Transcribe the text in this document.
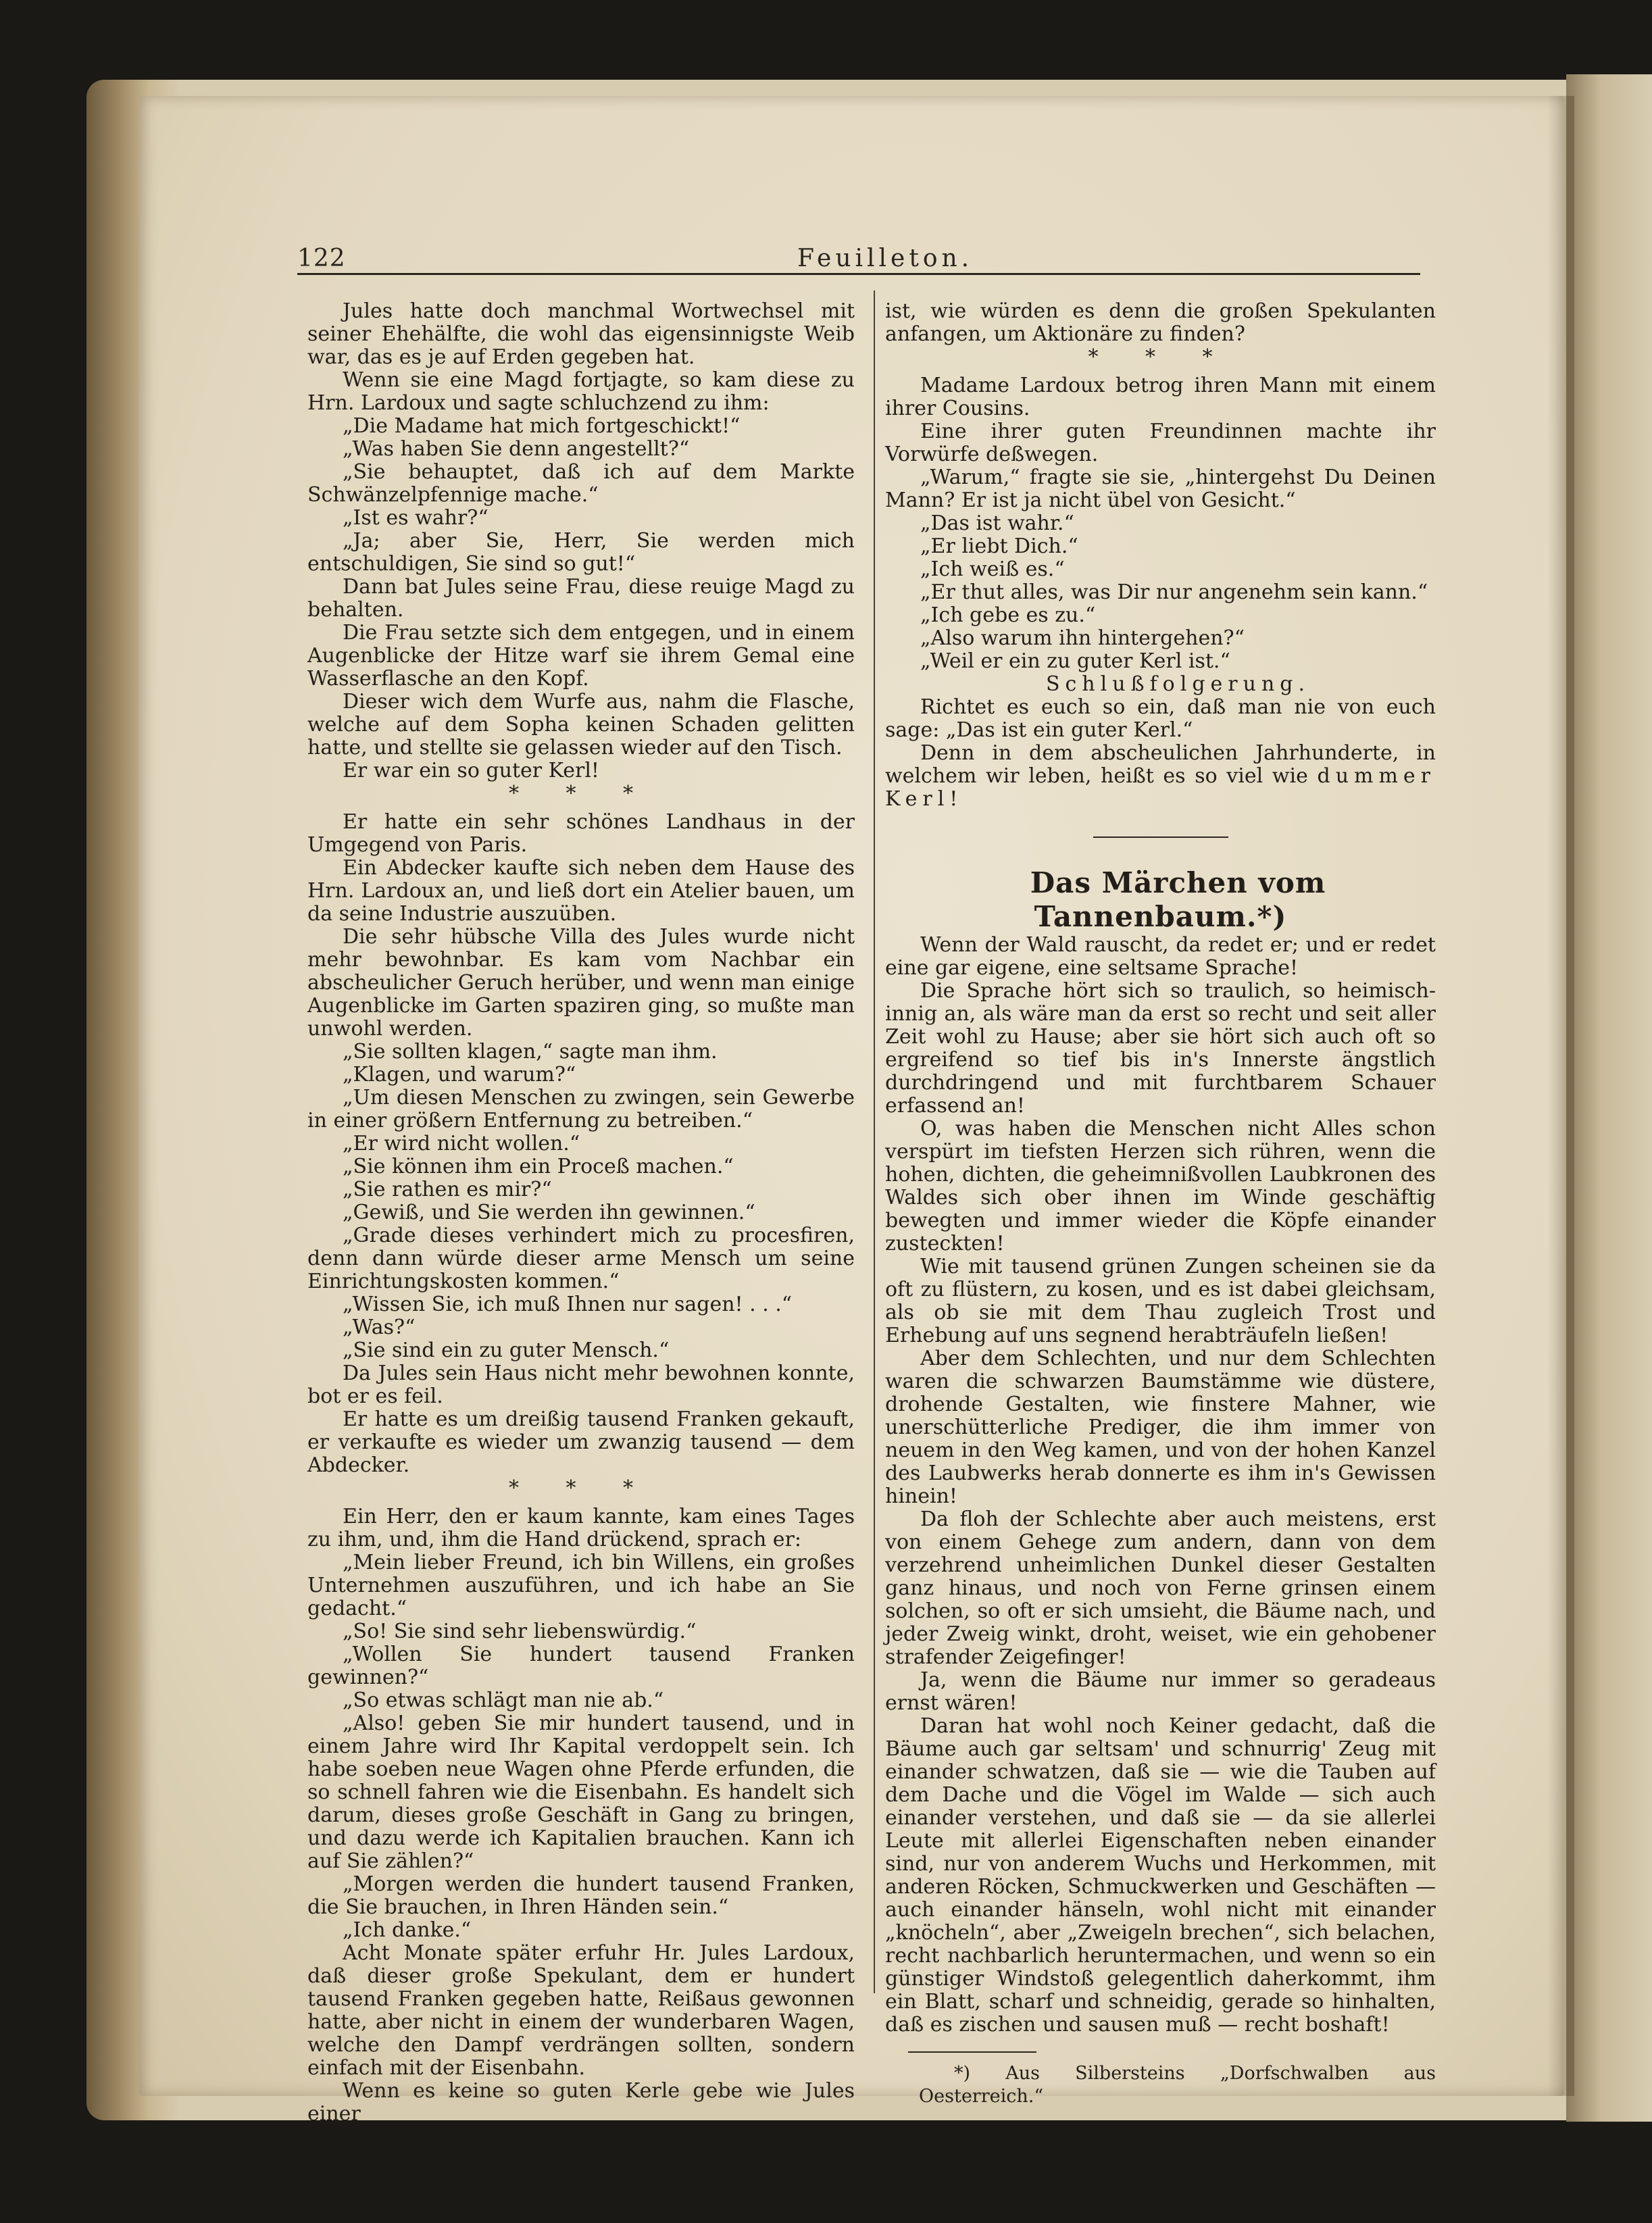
122	Feuilleton.

Jules hatte doch manchmal Wortwechsel mit seiner Ehehälfte, die wohl das eigensinnigste Weib war, das es je auf Erden gegeben hat.

Wenn sie eine Magd fortjagte, so kam diese zu Hrn. Lardoux und sagte schluchzend zu ihm:

„Die Madame hat mich fortgeschickt!“

„Was haben Sie denn angestellt?“

„Sie behauptet, daß ich auf dem Markte Schwänzelpfennige mache.“

„Ist es wahr?“

„Ja; aber Sie, Herr, Sie werden mich entschuldigen, Sie sind so gut!“

Dann bat Jules seine Frau, diese reuige Magd zu behalten.

Die Frau setzte sich dem entgegen, und in einem Augenblicke der Hitze warf sie ihrem Gemal eine Wasserflasche an den Kopf.

Dieser wich dem Wurfe aus, nahm die Flasche, welche auf dem Sopha keinen Schaden gelitten hatte, und stellte sie gelassen wieder auf den Tisch.

Er war ein so guter Kerl!

* * *

Er hatte ein sehr schönes Landhaus in der Umgegend von Paris.

Ein Abdecker kaufte sich neben dem Hause des Hrn. Lardoux an, und ließ dort ein Atelier bauen, um da seine Industrie auszuüben.

Die sehr hübsche Villa des Jules wurde nicht mehr bewohnbar. Es kam vom Nachbar ein abscheulicher Geruch herüber, und wenn man einige Augenblicke im Garten spaziren ging, so mußte man unwohl werden.

„Sie sollten klagen,“ sagte man ihm.

„Klagen, und warum?“

„Um diesen Menschen zu zwingen, sein Gewerbe in einer größern Entfernung zu betreiben.“

„Er wird nicht wollen.“

„Sie können ihm ein Proceß machen.“

„Sie rathen es mir?“

„Gewiß, und Sie werden ihn gewinnen.“

„Grade dieses verhindert mich zu procesfiren, denn dann würde dieser arme Mensch um seine Einrichtungskosten kommen.“

„Wissen Sie, ich muß Ihnen nur sagen! . . .“

„Was?“

„Sie sind ein zu guter Mensch.“

Da Jules sein Haus nicht mehr bewohnen konnte, bot er es feil.

Er hatte es um dreißig tausend Franken gekauft, er verkaufte es wieder um zwanzig tausend — dem Abdecker.

* * *

Ein Herr, den er kaum kannte, kam eines Tages zu ihm, und, ihm die Hand drückend, sprach er:

„Mein lieber Freund, ich bin Willens, ein großes Unternehmen auszuführen, und ich habe an Sie gedacht.“

„So! Sie sind sehr liebenswürdig.“

„Wollen Sie hundert tausend Franken gewinnen?“

„So etwas schlägt man nie ab.“

„Also! geben Sie mir hundert tausend, und in einem Jahre wird Ihr Kapital verdoppelt sein. Ich habe soeben neue Wagen ohne Pferde erfunden, die so schnell fahren wie die Eisenbahn. Es handelt sich darum, dieses große Geschäft in Gang zu bringen, und dazu werde ich Kapitalien brauchen. Kann ich auf Sie zählen?“

„Morgen werden die hundert tausend Franken, die Sie brauchen, in Ihren Händen sein.“

„Ich danke.“

Acht Monate später erfuhr Hr. Jules Lardoux, daß dieser große Spekulant, dem er hundert tausend Franken gegeben hatte, Reißaus gewonnen hatte, aber nicht in einem der wunderbaren Wagen, welche den Dampf verdrängen sollten, sondern einfach mit der Eisenbahn.

Wenn es keine so guten Kerle gebe wie Jules einer

ist, wie würden es denn die großen Spekulanten anfangen, um Aktionäre zu finden?

* * *

Madame Lardoux betrog ihren Mann mit einem ihrer Cousins.

Eine ihrer guten Freundinnen machte ihr Vorwürfe deßwegen.

„Warum,“ fragte sie sie, „hintergehst Du Deinen Mann? Er ist ja nicht übel von Gesicht.“

„Das ist wahr.“

„Er liebt Dich.“

„Ich weiß es.“

„Er thut alles, was Dir nur angenehm sein kann.“

„Ich gebe es zu.“

„Also warum ihn hintergehen?“

„Weil er ein zu guter Kerl ist.“

Schlußfolgerung.

Richtet es euch so ein, daß man nie von euch sage: „Das ist ein guter Kerl.“

Denn in dem abscheulichen Jahrhunderte, in welchem wir leben, heißt es so viel wie dummer Kerl!

Das Märchen vom Tannenbaum.*)

Wenn der Wald rauscht, da redet er; und er redet eine gar eigene, eine seltsame Sprache!

Die Sprache hört sich so traulich, so heimisch-innig an, als wäre man da erst so recht und seit aller Zeit wohl zu Hause; aber sie hört sich auch oft so ergreifend so tief bis in's Innerste ängstlich durchdringend und mit furchtbarem Schauer erfassend an!

O, was haben die Menschen nicht Alles schon verspürt im tiefsten Herzen sich rühren, wenn die hohen, dichten, die geheimnißvollen Laubkronen des Waldes sich ober ihnen im Winde geschäftig bewegten und immer wieder die Köpfe einander zusteckten!

Wie mit tausend grünen Zungen scheinen sie da oft zu flüstern, zu kosen, und es ist dabei gleichsam, als ob sie mit dem Thau zugleich Trost und Erhebung auf uns segnend herabträufeln ließen!

Aber dem Schlechten, und nur dem Schlechten waren die schwarzen Baumstämme wie düstere, drohende Gestalten, wie finstere Mahner, wie unerschütterliche Prediger, die ihm immer von neuem in den Weg kamen, und von der hohen Kanzel des Laubwerks herab donnerte es ihm in's Gewissen hinein!

Da floh der Schlechte aber auch meistens, erst von einem Gehege zum andern, dann von dem verzehrend unheimlichen Dunkel dieser Gestalten ganz hinaus, und noch von Ferne grinsen einem solchen, so oft er sich umsieht, die Bäume nach, und jeder Zweig winkt, droht, weiset, wie ein gehobener strafender Zeigefinger!

Ja, wenn die Bäume nur immer so geradeaus ernst wären!

Daran hat wohl noch Keiner gedacht, daß die Bäume auch gar seltsam' und schnurrig' Zeug mit einander schwatzen, daß sie — wie die Tauben auf dem Dache und die Vögel im Walde — sich auch einander verstehen, und daß sie — da sie allerlei Leute mit allerlei Eigenschaften neben einander sind, nur von anderem Wuchs und Herkommen, mit anderen Röcken, Schmuckwerken und Geschäften — auch einander hänseln, wohl nicht mit einander „knöcheln“, aber „Zweigeln brechen“, sich belachen, recht nachbarlich heruntermachen, und wenn so ein günstiger Windstoß gelegentlich daherkommt, ihm ein Blatt, scharf und schneidig, gerade so hinhalten, daß es zischen und sausen muß — recht boshaft!

*) Aus Silbersteins „Dorfschwalben aus Oesterreich.“
